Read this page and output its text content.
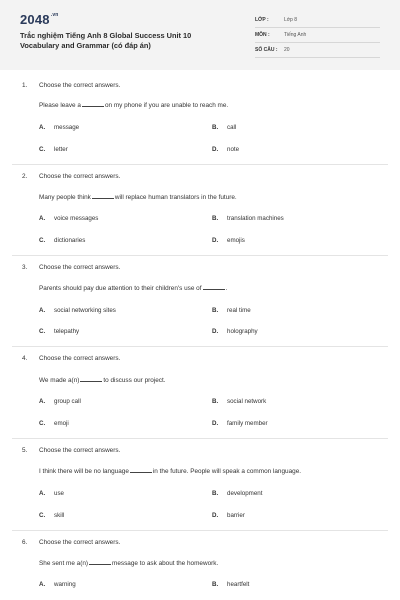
$2048^{.vn}$
Trắc nghiệm Tiếng Anh 8 Global Success Unit 10
Vocabulary and Grammar (có đáp án)
LỚP :	Lớp 8
MÔN :	Tiếng Anh
SỐ CÂU : 20
1. Choose the correct answers.
Please leave a	on my phone if you are unable to reach me.
A. message	B. call
C. letter	D. note
2. Choose the correct answers.
Many people think	will replace human translators in the future.
A. voice messages	B. translation machines
C. dictionaries	D. emojis
3. Choose the correct answers.
Parents should pay due attention to their children's use of	.
A. social networking sites	B. real time
C. telepathy	D. holography
4. Choose the correct answers.
We made a(n)	to discuss our project.
A. group call	B. social network
C. emoji	D. family member
5. Choose the correct answers.
I think there will be no language	in the future. People will speak a common language.
A. use	B. development
C. skill	D. barrier
6. Choose the correct answers.
She sent me a(n)	message to ask about the homework.
A. warning	B. heartfelt
